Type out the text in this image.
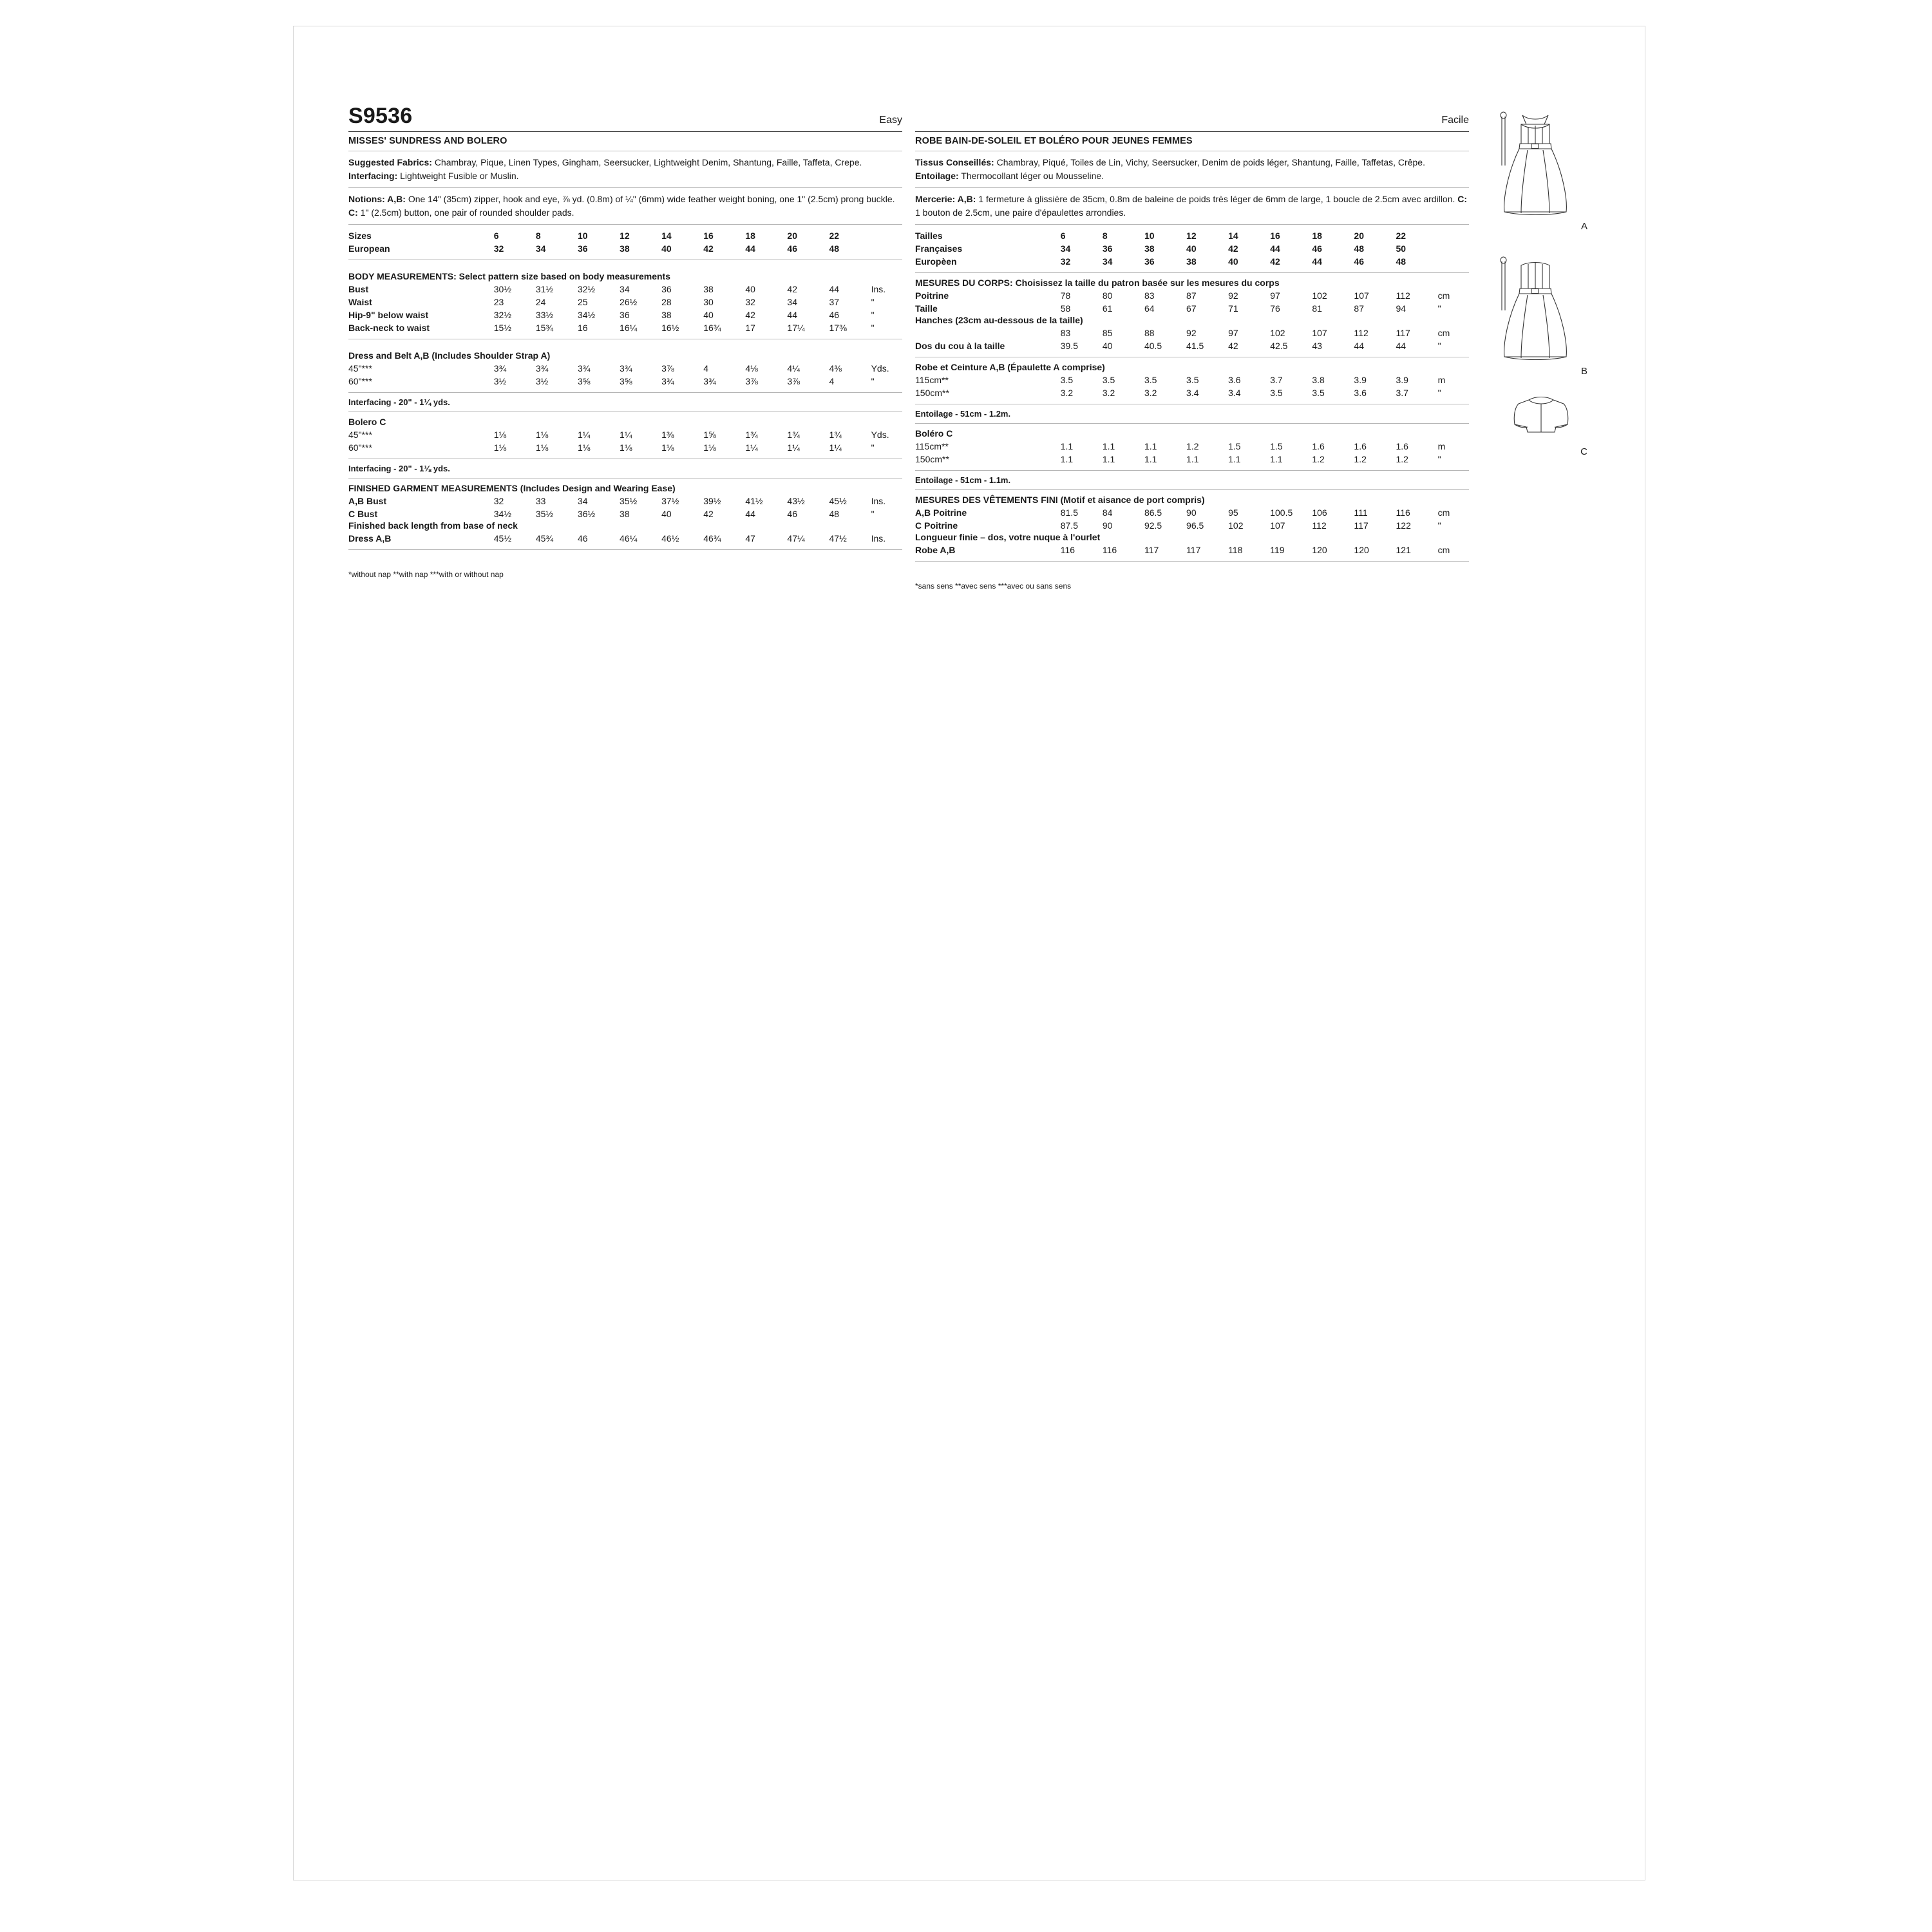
S9536	Easy
MISSES' SUNDRESS AND BOLERO

Suggested Fabrics: Chambray, Pique, Linen Types, Gingham, Seersucker, Lightweight Denim, Shantung, Faille, Taffeta, Crepe. Interfacing: Lightweight Fusible or Muslin.

Notions: A,B: One 14" (35cm) zipper, hook and eye, ⅞ yd. (0.8m) of ¼" (6mm) wide feather weight boning, one 1" (2.5cm) prong buckle. C: 1" (2.5cm) button, one pair of rounded shoulder pads.

Sizes	6	8	10	12	14	16	18	20	22	
European	32	34	36	38	40	42	44	46	48	
BODY MEASUREMENTS: Select pattern size based on body measurements
Bust	30½	31½	32½	34	36	38	40	42	44	Ins.
Waist	23	24	25	26½	28	30	32	34	37	"
Hip-9" below waist	32½	33½	34½	36	38	40	42	44	46	"
Back-neck to waist	15½	15¾	16	16¼	16½	16¾	17	17¼	17⅜	"
Dress and Belt A,B (Includes Shoulder Strap A)
45"***	3¾	3¾	3¾	3¾	3⅞	4	4⅛	4¼	4⅜	Yds.
60"***	3½	3½	3⅝	3⅝	3¾	3¾	3⅞	3⅞	4	"
Interfacing - 20" - 1¼ yds.
Bolero C
45"***	1⅛	1⅛	1¼	1¼	1⅜	1⅝	1¾	1¾	1¾	Yds.
60"***	1⅛	1⅛	1⅛	1⅛	1⅛	1⅛	1¼	1¼	1¼	"
Interfacing - 20" - 1⅛ yds.
FINISHED GARMENT MEASUREMENTS (Includes Design and Wearing Ease)
A,B Bust	32	33	34	35½	37½	39½	41½	43½	45½	Ins.
C Bust	34½	35½	36½	38	40	42	44	46	48	"
Finished back length from base of neck
Dress A,B	45½	45¾	46	46¼	46½	46¾	47	47¼	47½	Ins.
*without nap **with nap ***with or without nap
Facile
ROBE BAIN-DE-SOLEIL ET BOLÉRO POUR JEUNES FEMMES

Tissus Conseillés: Chambray, Piqué, Toiles de Lin, Vichy, Seersucker, Denim de poids léger, Shantung, Faille, Taffetas, Crêpe. Entoilage: Thermocollant léger ou Mousseline.

Mercerie: A,B: 1 fermeture à glissière de 35cm, 0.8m de baleine de poids très léger de 6mm de large, 1 boucle de 2.5cm avec ardillon. C: 1 bouton de 2.5cm, une paire d'épaulettes arrondies.

Tailles	6	8	10	12	14	16	18	20	22	
Françaises	34	36	38	40	42	44	46	48	50	
Europèen	32	34	36	38	40	42	44	46	48	
MESURES DU CORPS: Choisissez la taille du patron basée sur les mesures du corps
Poitrine	78	80	83	87	92	97	102	107	112	cm
Taille	58	61	64	67	71	76	81	87	94	"
Hanches (23cm au-dessous de la taille)
	83	85	88	92	97	102	107	112	117	cm
Dos du cou à la taille	39.5	40	40.5	41.5	42	42.5	43	44	44	"
Robe et Ceinture A,B (Épaulette A comprise)
115cm**	3.5	3.5	3.5	3.5	3.6	3.7	3.8	3.9	3.9	m
150cm**	3.2	3.2	3.2	3.4	3.4	3.5	3.5	3.6	3.7	"
Entoilage - 51cm - 1.2m.
Boléro C
115cm**	1.1	1.1	1.1	1.2	1.5	1.5	1.6	1.6	1.6	m
150cm**	1.1	1.1	1.1	1.1	1.1	1.1	1.2	1.2	1.2	"
Entoilage - 51cm - 1.1m.
MESURES DES VÊTEMENTS FINI (Motif et aisance de port compris)
A,B Poitrine	81.5	84	86.5	90	95	100.5	106	111	116	cm
C Poitrine	87.5	90	92.5	96.5	102	107	112	117	122	"
Longueur finie – dos, votre nuque à l'ourlet
Robe A,B	116	116	117	117	118	119	120	120	121	cm
*sans sens **avec sens ***avec ou sans sens
A
B
C
